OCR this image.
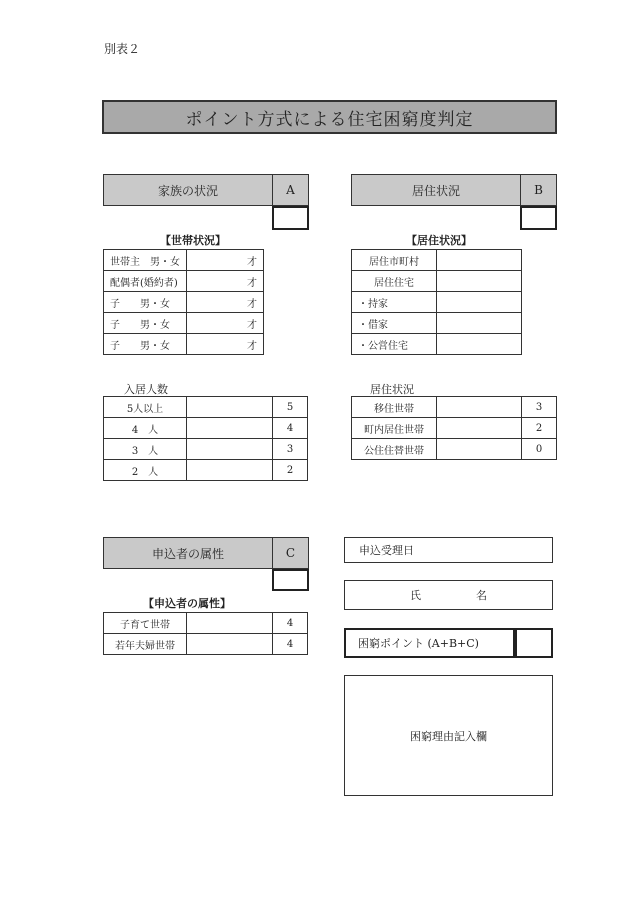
別表２
ポイント方式による住宅困窮度判定
家族の状況	A
【世帯状況】
世帯主　男・女	才
配偶者(婚約者)	才
子　　男・女	才
子　　男・女	才
子　　男・女	才
入居人数
5人以上		5
4　人		4
3　人		3
2　人		2
居住状況	B
【居住状況】
居住市町村	
居住住宅	
・持家	
・借家	
・公営住宅	
居住状況
移住世帯		3
町内居住世帯		2
公住住替世帯		0
申込者の属性	C
【申込者の属性】
子育て世帯		4
若年夫婦世帯		4
申込受理日
氏　　　　　名
困窮ポイント (A+B+C)
困窮理由記入欄
